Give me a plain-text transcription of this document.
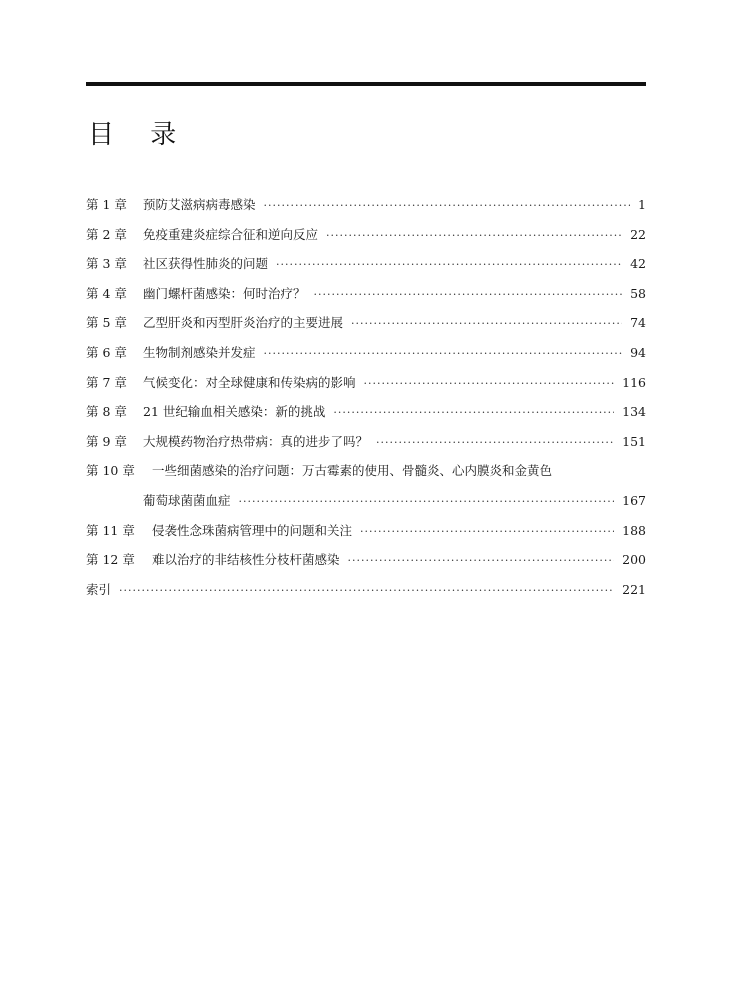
目 录
第 1 章	预防艾滋病病毒感染 ·····	1
第 2 章	免疫重建炎症综合征和逆向反应 ·····	22
第 3 章	社区获得性肺炎的问题 ·····	42
第 4 章	幽门螺杆菌感染：何时治疗？ ·····	58
第 5 章	乙型肝炎和丙型肝炎治疗的主要进展 ·····	74
第 6 章	生物制剂感染并发症 ·····	94
第 7 章	气候变化：对全球健康和传染病的影响 ·····	116
第 8 章	21 世纪输血相关感染：新的挑战 ·····	134
第 9 章	大规模药物治疗热带病：真的进步了吗？ ·····	151
第 10 章	一些细菌感染的治疗问题：万古霉素的使用、骨髓炎、心内膜炎和金黄色
葡萄球菌菌血症 ·····	167
第 11 章	侵袭性念珠菌病管理中的问题和关注 ·····	188
第 12 章	难以治疗的非结核性分枝杆菌感染 ·····	200
索引 ·····	221
